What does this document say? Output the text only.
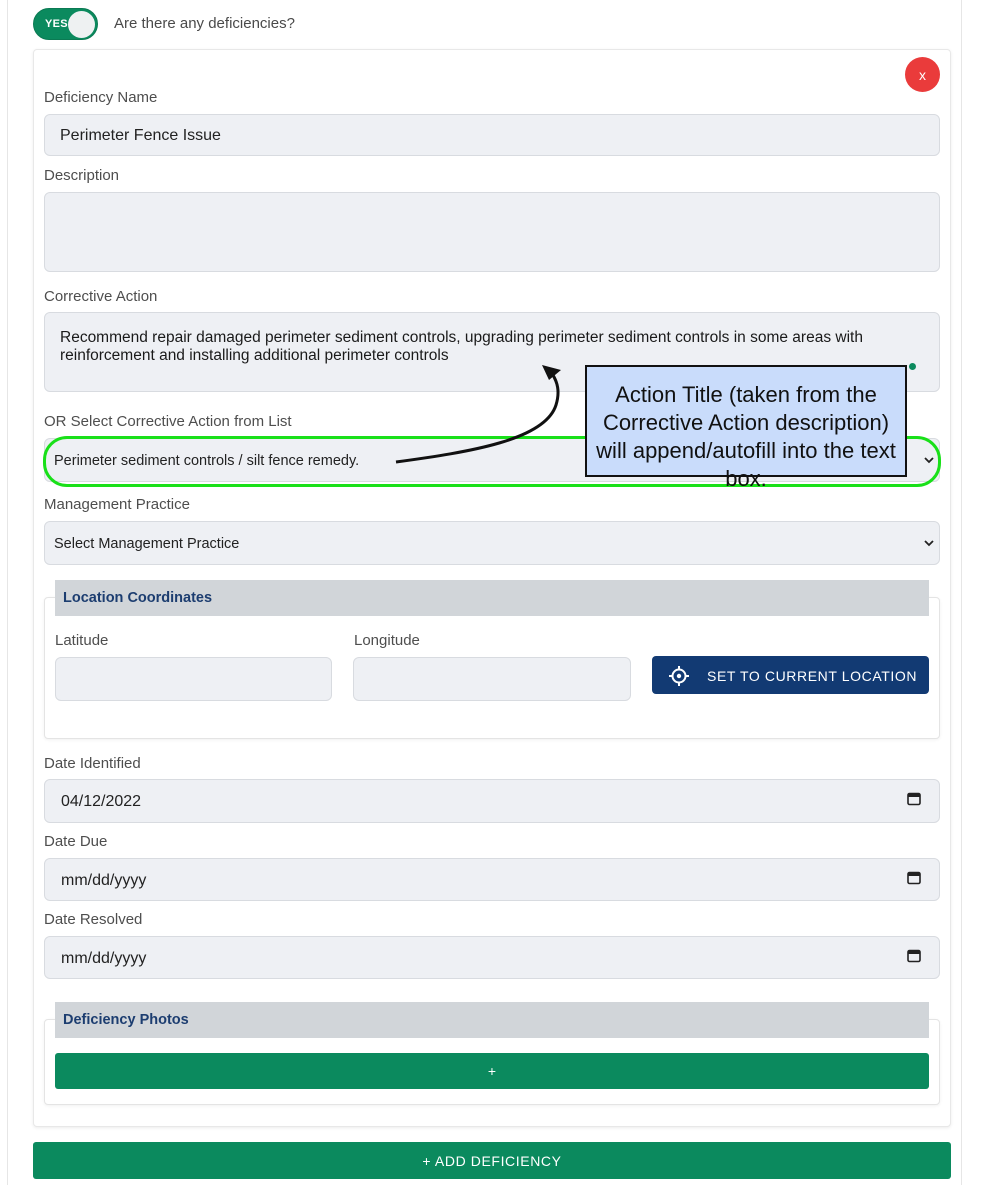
YES	Are there any deficiencies?
x
Deficiency Name
Perimeter Fence Issue
Description
Corrective Action
Recommend repair damaged perimeter sediment controls, upgrading perimeter sediment controls in some areas with reinforcement and installing additional perimeter controls
OR Select Corrective Action from List
Perimeter sediment controls / silt fence remedy.
Management Practice
Select Management Practice
Location Coordinates
Latitude	Longitude
SET TO CURRENT LOCATION
Date Identified
04/12/2022
Date Due
mm/dd/yyyy
Date Resolved
mm/dd/yyyy
Deficiency Photos
+
+ ADD DEFICIENCY
Action Title (taken from the Corrective Action description) will append/autofill into the text box.
